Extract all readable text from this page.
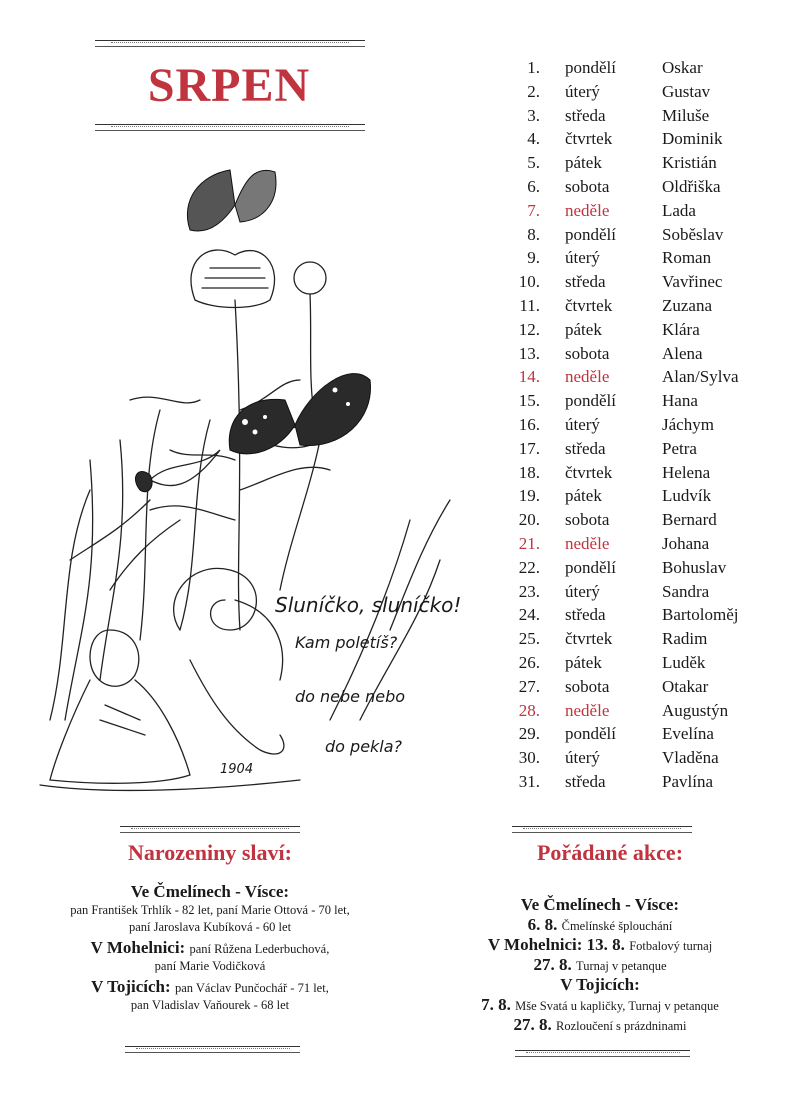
SRPEN
Sluníčko, sluníčko!
Kam poletíš?
do nebe nebo
do pekla?
1904
1. pondělí	Oskar
2. úterý	Gustav
3. středa	Miluše
4. čtvrtek	Dominik
5. pátek	Kristián
6. sobota	Oldřiška
7. neděle	Lada
8. pondělí	Soběslav
9. úterý	Roman
10. středa	Vavřinec
11. čtvrtek	Zuzana
12. pátek	Klára
13. sobota	Alena
14. neděle	Alan/Sylva
15. pondělí	Hana
16. úterý	Jáchym
17. středa	Petra
18. čtvrtek	Helena
19. pátek	Ludvík
20. sobota	Bernard
21. neděle	Johana
22. pondělí	Bohuslav
23. úterý	Sandra
24. středa	Bartoloměj
25. čtvrtek	Radim
26. pátek	Luděk
27. sobota	Otakar
28. neděle	Augustýn
29. pondělí	Evelína
30. úterý	Vladěna
31. středa	Pavlína
Narozeniny slaví:
Ve Čmelínech - Vísce:
pan František Trhlík - 82 let, paní Marie Ottová - 70 let,
paní Jaroslava Kubíková - 60 let
V Mohelnici: paní Růžena Lederbuchová,
paní Marie Vodičková
V Tojicích: pan Václav Punčochář - 71 let,
pan Vladislav Vaňourek - 68 let
Pořádané akce:
Ve Čmelínech - Vísce:
6. 8. Čmelínské šplouchání
V Mohelnici: 13. 8. Fotbalový turnaj
27. 8. Turnaj v petanque
V Tojicích:
7. 8. Mše Svatá u kapličky, Turnaj v petanque
27. 8. Rozloučení s prázdninami
